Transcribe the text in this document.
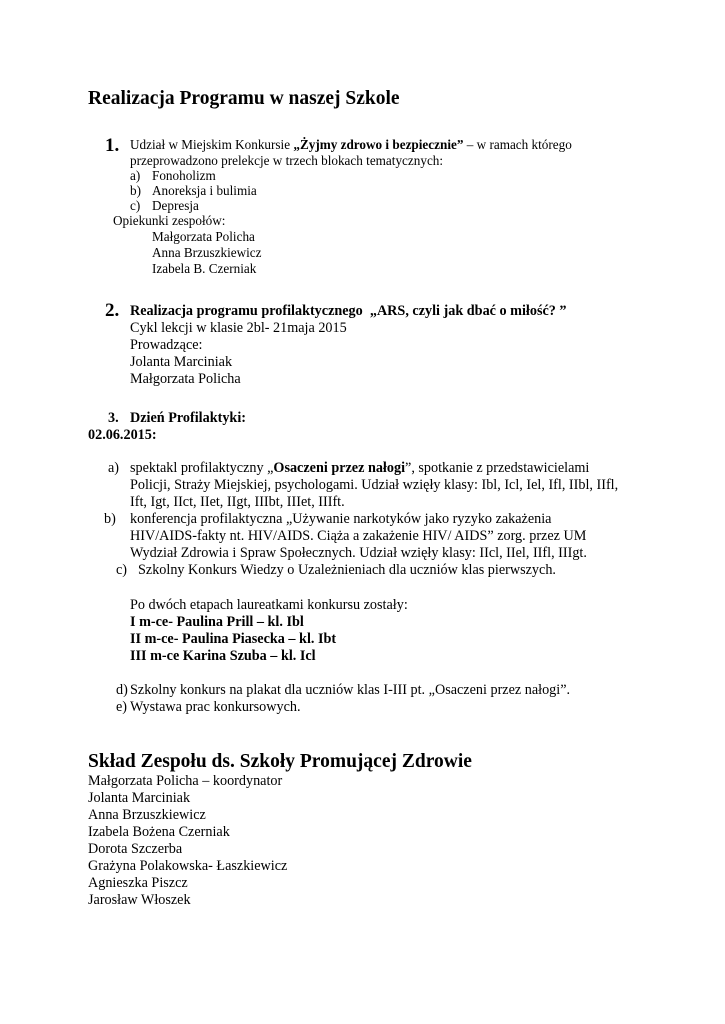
Realizacja Programu w naszej Szkole
1. Udział w Miejskim Konkursie „Żyjmy zdrowo i bezpiecznie” – w ramach którego
przeprowadzono prelekcje w trzech blokach tematycznych:
a) Fonoholizm
b) Anoreksja i bulimia
c) Depresja
Opiekunki zespołów:
Małgorzata Policha
Anna Brzuszkiewicz
Izabela B. Czerniak
2. Realizacja programu profilaktycznego „ARS, czyli jak dbać o miłość? ”
Cykl lekcji w klasie 2bl- 21maja 2015
Prowadzące:
Jolanta Marciniak
Małgorzata Policha
3. Dzień Profilaktyki:
02.06.2015:
a) spektakl profilaktyczny „Osaczeni przez nałogi”, spotkanie z przedstawicielami
Policji, Straży Miejskiej, psychologami. Udział wzięły klasy: Ibl, Icl, Iel, Ifl, IIbl, IIfl,
Ift, Igt, IIct, IIet, IIgt, IIIbt, IIIet, IIIft.
b) konferencja profilaktyczna „Używanie narkotyków jako ryzyko zakażenia
HIV/AIDS-fakty nt. HIV/AIDS. Ciąża a zakażenie HIV/ AIDS” zorg. przez UM
Wydział Zdrowia i Spraw Społecznych. Udział wzięły klasy: IIcl, IIel, IIfl, IIIgt.
c) Szkolny Konkurs Wiedzy o Uzależnieniach dla uczniów klas pierwszych.
Po dwóch etapach laureatkami konkursu zostały:
I m-ce- Paulina Prill – kl. Ibl
II m-ce- Paulina Piasecka – kl. Ibt
III m-ce Karina Szuba – kl. Icl
d) Szkolny konkurs na plakat dla uczniów klas I-III pt. „Osaczeni przez nałogi”.
e) Wystawa prac konkursowych.
Skład Zespołu ds. Szkoły Promującej Zdrowie
Małgorzata Policha – koordynator
Jolanta Marciniak
Anna Brzuszkiewicz
Izabela Bożena Czerniak
Dorota Szczerba
Grażyna Polakowska- Łaszkiewicz
Agnieszka Piszcz
Jarosław Włoszek
